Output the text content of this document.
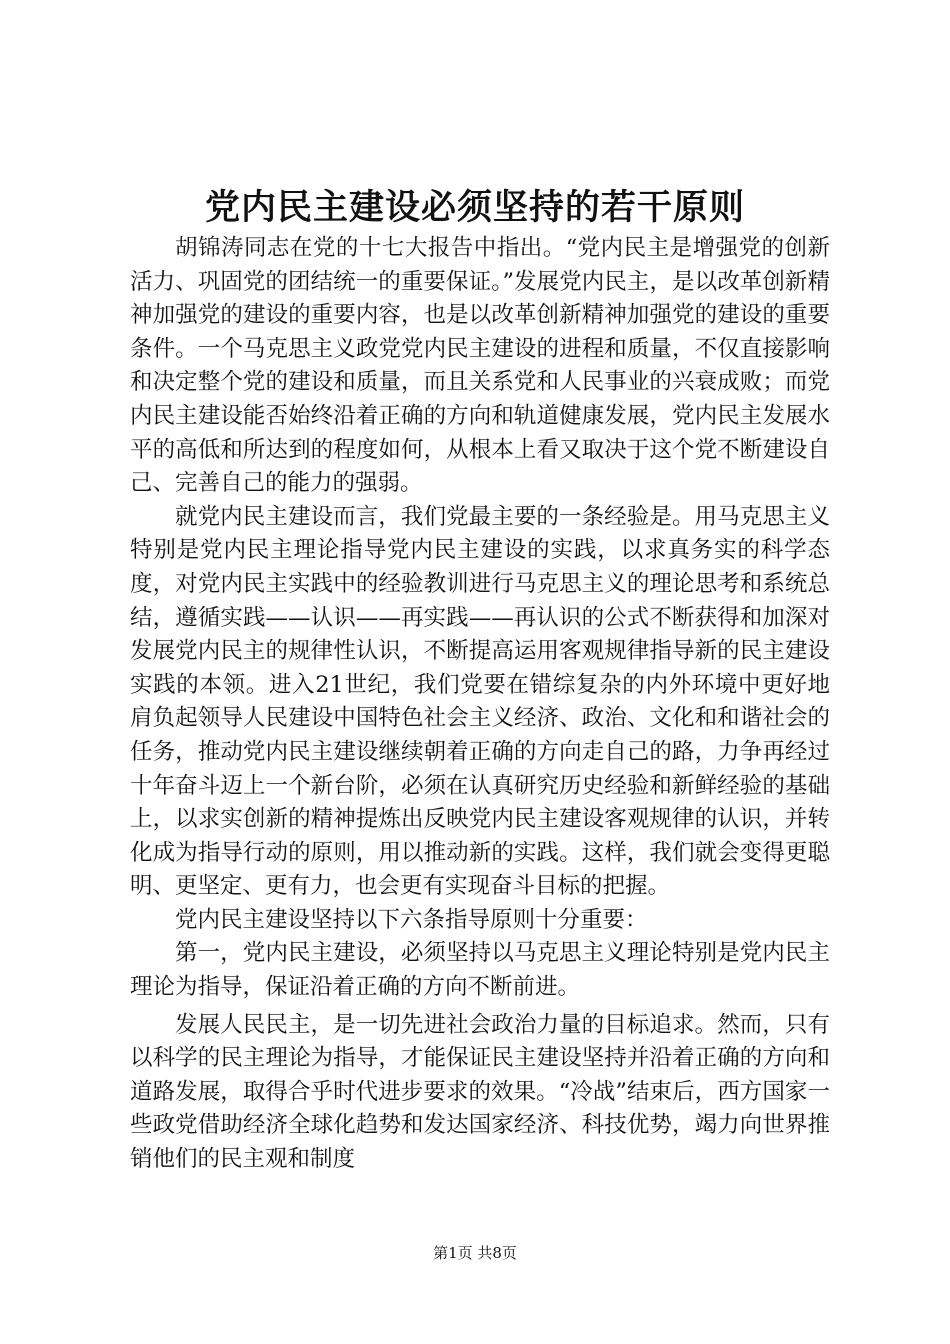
党内民主建设必须坚持的若干原则

胡锦涛同志在党的十七大报告中指出。“党内民主是增强党的创新活力、巩固党的团结统一的重要保证。”发展党内民主，是以改革创新精神加强党的建设的重要内容，也是以改革创新精神加强党的建设的重要条件。一个马克思主义政党党内民主建设的进程和质量，不仅直接影响和决定整个党的建设和质量，而且关系党和人民事业的兴衰成败；而党内民主建设能否始终沿着正确的方向和轨道健康发展，党内民主发展水平的高低和所达到的程度如何，从根本上看又取决于这个党不断建设自己、完善自己的能力的强弱。

就党内民主建设而言，我们党最主要的一条经验是。用马克思主义特别是党内民主理论指导党内民主建设的实践，以求真务实的科学态度，对党内民主实践中的经验教训进行马克思主义的理论思考和系统总结，遵循实践——认识——再实践——再认识的公式不断获得和加深对发展党内民主的规律性认识，不断提高运用客观规律指导新的民主建设实践的本领。进入21世纪，我们党要在错综复杂的内外环境中更好地肩负起领导人民建设中国特色社会主义经济、政治、文化和和谐社会的任务，推动党内民主建设继续朝着正确的方向走自己的路，力争再经过十年奋斗迈上一个新台阶，必须在认真研究历史经验和新鲜经验的基础上，以求实创新的精神提炼出反映党内民主建设客观规律的认识，并转化成为指导行动的原则，用以推动新的实践。这样，我们就会变得更聪明、更坚定、更有力，也会更有实现奋斗目标的把握。

党内民主建设坚持以下六条指导原则十分重要：

第一，党内民主建设，必须坚持以马克思主义理论特别是党内民主理论为指导，保证沿着正确的方向不断前进。

发展人民民主，是一切先进社会政治力量的目标追求。然而，只有以科学的民主理论为指导，才能保证民主建设坚持并沿着正确的方向和道路发展，取得合乎时代进步要求的效果。“冷战”结束后，西方国家一些政党借助经济全球化趋势和发达国家经济、科技优势，竭力向世界推销他们的民主观和制度

第1页 共8页
